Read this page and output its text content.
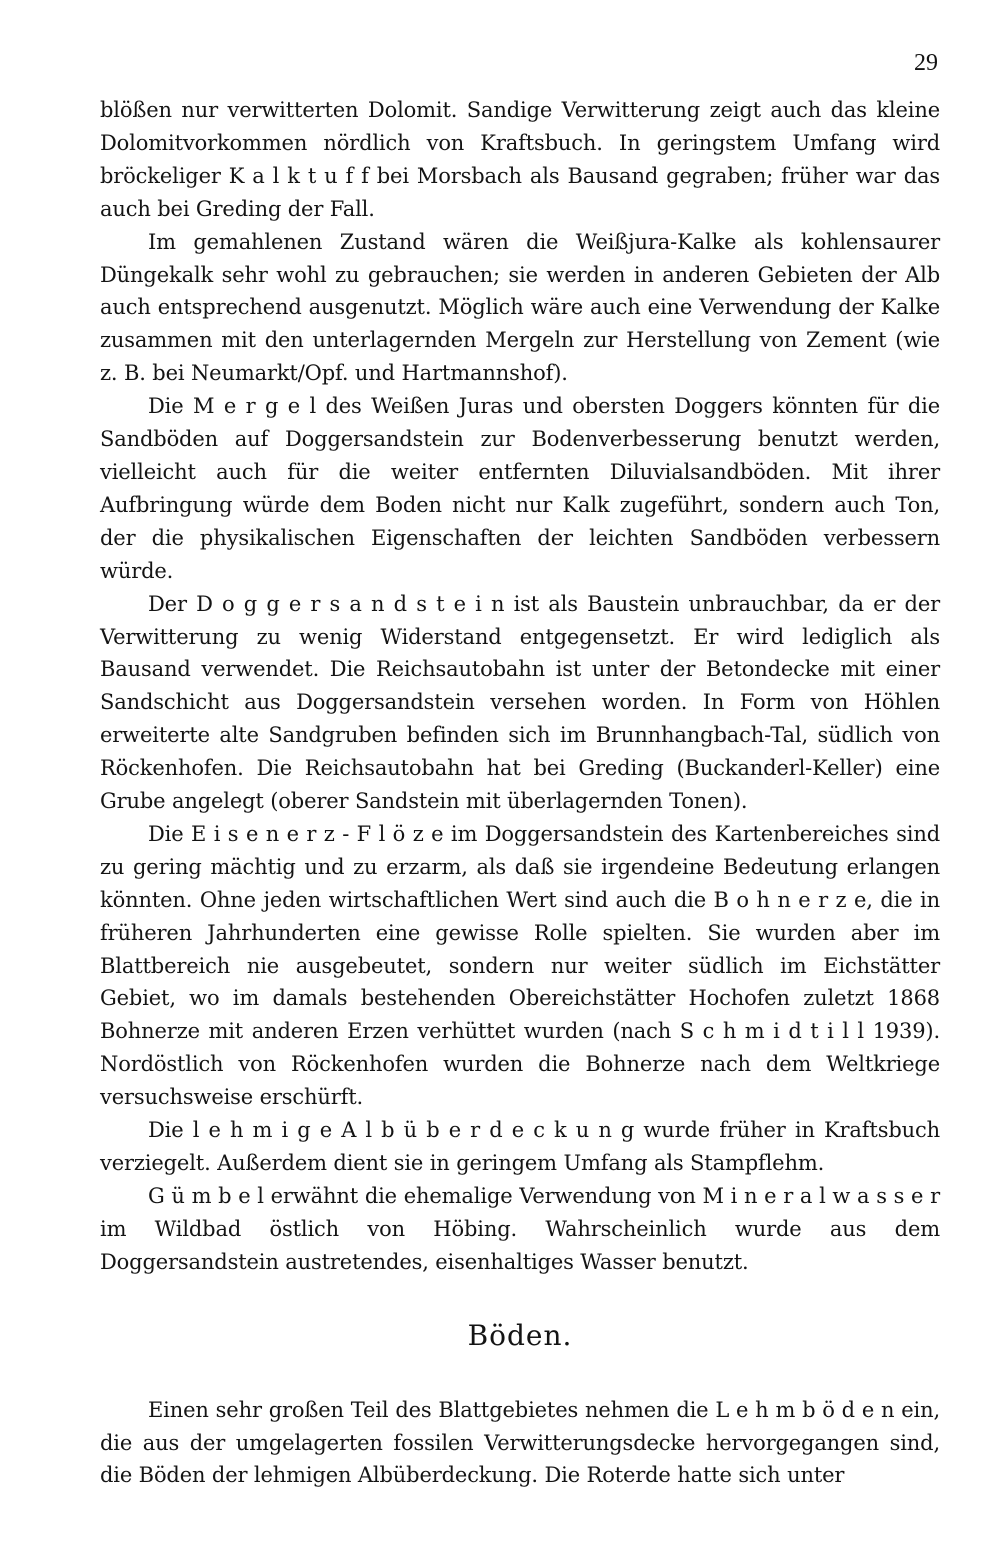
29

blößen nur verwitterten Dolomit. Sandige Verwitterung zeigt auch das kleine Dolomitvorkommen nördlich von Kraftsbuch. In geringstem Umfang wird bröckeliger K a l k t u f f bei Morsbach als Bausand gegraben; früher war das auch bei Greding der Fall.

Im gemahlenen Zustand wären die Weißjura-Kalke als kohlensaurer Düngekalk sehr wohl zu gebrauchen; sie werden in anderen Gebieten der Alb auch entsprechend ausgenutzt. Möglich wäre auch eine Verwendung der Kalke zusammen mit den unterlagernden Mergeln zur Herstellung von Zement (wie z. B. bei Neumarkt/Opf. und Hartmannshof).

Die M e r g e l des Weißen Juras und obersten Doggers könnten für die Sandböden auf Doggersandstein zur Bodenverbesserung benutzt werden, vielleicht auch für die weiter entfernten Diluvialsandböden. Mit ihrer Aufbringung würde dem Boden nicht nur Kalk zugeführt, sondern auch Ton, der die physikalischen Eigenschaften der leichten Sandböden verbessern würde.

Der D o g g e r s a n d s t e i n ist als Baustein unbrauchbar, da er der Verwitterung zu wenig Widerstand entgegensetzt. Er wird lediglich als Bausand verwendet. Die Reichsautobahn ist unter der Betondecke mit einer Sandschicht aus Doggersandstein versehen worden. In Form von Höhlen erweiterte alte Sandgruben befinden sich im Brunnhangbach-Tal, südlich von Röckenhofen. Die Reichsautobahn hat bei Greding (Buckanderl-Keller) eine Grube angelegt (oberer Sandstein mit überlagernden Tonen).

Die E i s e n e r z - F l ö z e im Doggersandstein des Kartenbereiches sind zu gering mächtig und zu erzarm, als daß sie irgendeine Bedeutung erlangen könnten. Ohne jeden wirtschaftlichen Wert sind auch die B o h n e r z e, die in früheren Jahrhunderten eine gewisse Rolle spielten. Sie wurden aber im Blattbereich nie ausgebeutet, sondern nur weiter südlich im Eichstätter Gebiet, wo im damals bestehenden Obereichstätter Hochofen zuletzt 1868 Bohnerze mit anderen Erzen verhüttet wurden (nach S c h m i d t i l l 1939). Nordöstlich von Röckenhofen wurden die Bohnerze nach dem Weltkriege versuchsweise erschürft.

Die l e h m i g e A l b ü b e r d e c k u n g wurde früher in Kraftsbuch verziegelt. Außerdem dient sie in geringem Umfang als Stampflehm.

G ü m b e l erwähnt die ehemalige Verwendung von M i n e r a l w a s s e r im Wildbad östlich von Höbing. Wahrscheinlich wurde aus dem Doggersandstein austretendes, eisenhaltiges Wasser benutzt.

Böden.

Einen sehr großen Teil des Blattgebietes nehmen die L e h m b ö d e n ein, die aus der umgelagerten fossilen Verwitterungsdecke hervorgegangen sind, die Böden der lehmigen Albüberdeckung. Die Roterde hatte sich unter
